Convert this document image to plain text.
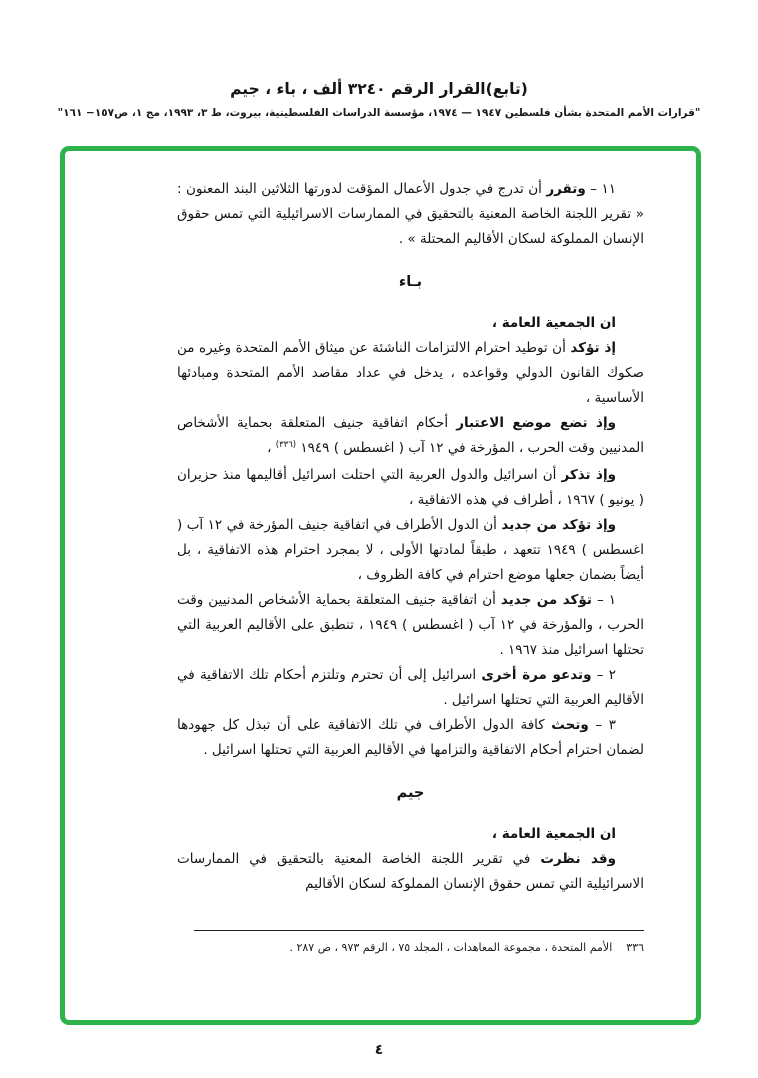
(تابع)القرار الرقم ٣٢٤٠ ألف ، باء ، جيم
"قرارات الأمم المتحدة بشأن فلسطين ١٩٤٧ — ١٩٧٤، مؤسسة الدراسات الفلسطينية، بيروت، ط ٣، ١٩٩٣، مج ١، ص١٥٧− ١٦١"
١١ – وتقرر أن تدرج في جدول الأعمال المؤقت لدورتها الثلاثين البند المعنون : « تقرير اللجنة الخاصة المعنية بالتحقيق في الممارسات الاسرائيلية التي تمس حقوق الإنسان المملوكة لسكان الأقاليم المحتلة » .
بـاء
ان الجمعية العامة ،
إذ تؤكد أن توطيد احترام الالتزامات الناشئة عن ميثاق الأمم المتحدة وغيره من صكوك القانون الدولي وقواعده ، يدخل في عداد مقاصد الأمم المتحدة ومبادئها الأساسية ،
وإذ تضع موضع الاعتبار أحكام اتفاقية جنيف المتعلقة بحماية الأشخاص المدنيين وقت الحرب ، المؤرخة في ١٢ آب ( اغسطس ) ١٩٤٩ $^{(٣٣٦)}$ ،
وإذ تذكر أن اسرائيل والدول العربية التي احتلت اسرائيل أقاليمها منذ حزيران ( يونيو ) ١٩٦٧ ، أطراف في هذه الاتفاقية ،
وإذ تؤكد من جديد أن الدول الأطراف في اتفاقية جنيف المؤرخة في ١٢ آب ( اغسطس ) ١٩٤٩ تتعهد ، طبقاً لمادتها الأولى ، لا بمجرد احترام هذه الاتفاقية ، بل أيضاً بضمان جعلها موضع احترام في كافة الظروف ،
١ – تؤكد من جديد أن اتفاقية جنيف المتعلقة بحماية الأشخاص المدنيين وقت الحرب ، والمؤرخة في ١٢ آب ( اغسطس ) ١٩٤٩ ، تنطبق على الأقاليم العربية التي تحتلها اسرائيل منذ ١٩٦٧ .
٢ – وتدعو مرة أخرى اسرائيل إلى أن تحترم وتلتزم أحكام تلك الاتفاقية في الأقاليم العربية التي تحتلها اسرائيل .
٣ – وتحث كافة الدول الأطراف في تلك الاتفاقية على أن تبذل كل جهودها لضمان احترام أحكام الاتفاقية والتزامها في الأقاليم العربية التي تحتلها اسرائيل .
جيم
ان الجمعية العامة ،
وقد نظرت في تقرير اللجنة الخاصة المعنية بالتحقيق في الممارسات الاسرائيلية التي تمس حقوق الإنسان المملوكة لسكان الأقاليم
٣٣٦الأمم المتحدة ، مجموعة المعاهدات ، المجلد ٧٥ ، الرقم ٩٧٣ ، ص ٢٨٧ .
٤
